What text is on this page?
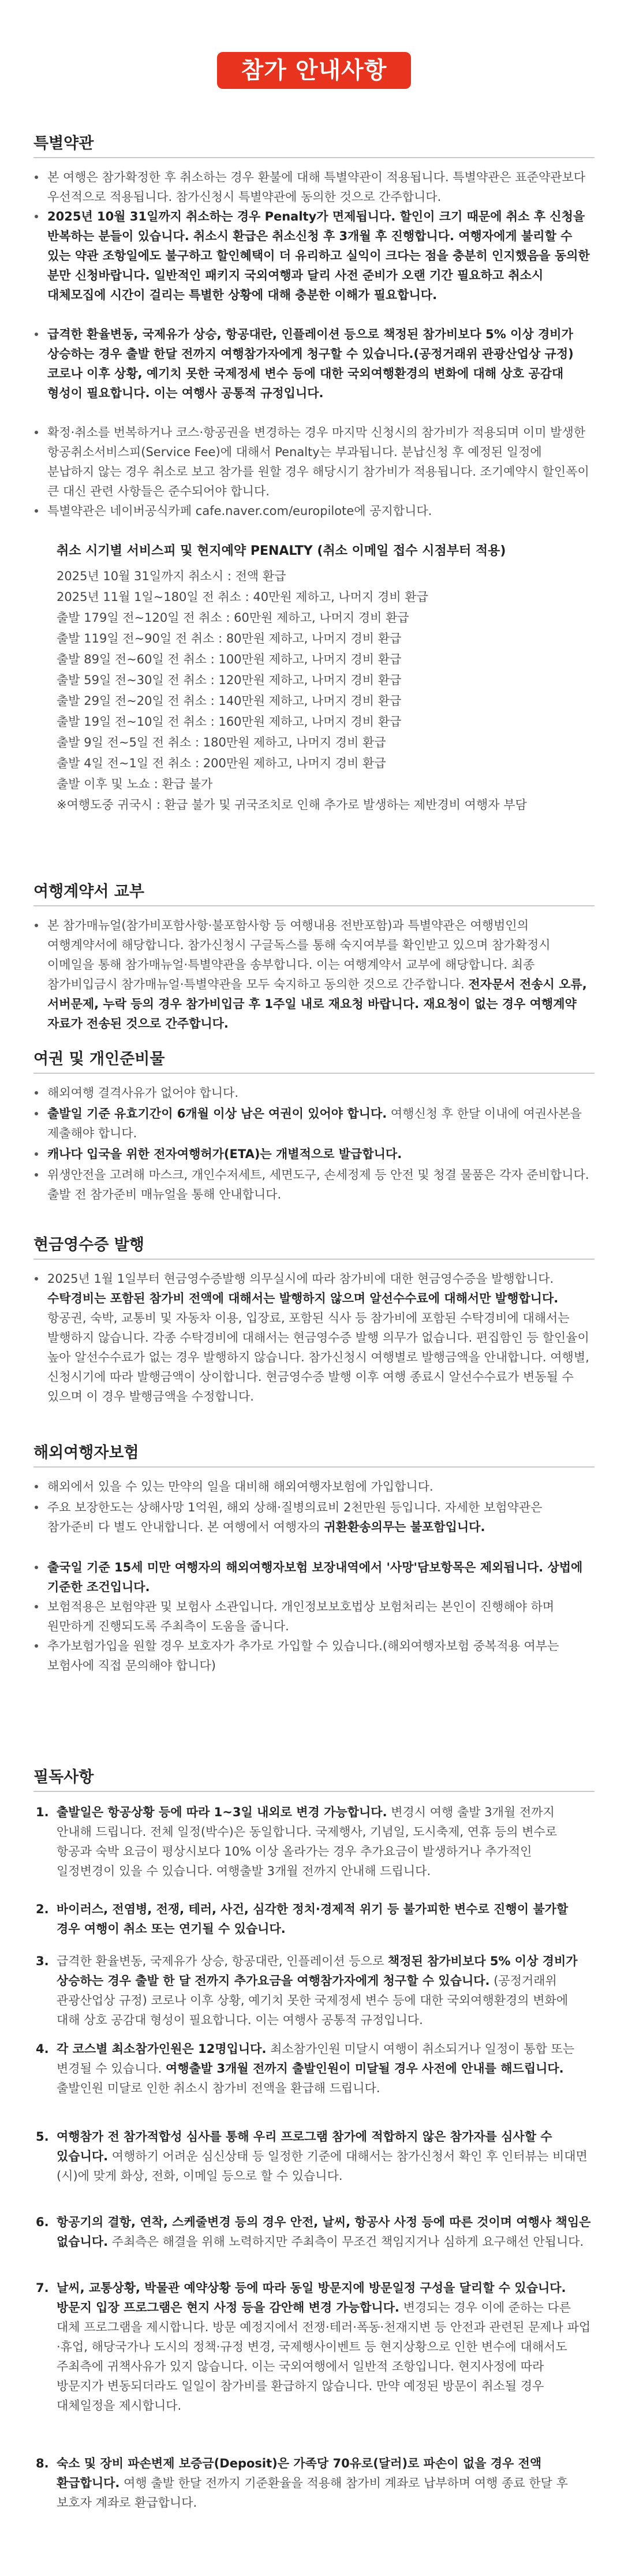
참가 안내사항
특별약관
본 여행은 참가확정한 후 취소하는 경우 환불에 대해 특별약관이 적용됩니다. 특별약관은 표준약관보다 우선적으로 적용됩니다. 참가신청시 특별약관에 동의한 것으로 간주합니다.
2025년 10월 31일까지 취소하는 경우 Penalty가 면제됩니다. 할인이 크기 때문에 취소 후 신청을 반복하는 분들이 있습니다. 취소시 환급은 취소신청 후 3개월 후 진행합니다. 여행자에게 불리할 수 있는 약관 조항일에도 불구하고 할인혜택이 더 유리하고 실익이 크다는 점을 충분히 인지했음을 동의한 분만 신청바랍니다. 일반적인 패키지 국외여행과 달리 사전 준비가 오랜 기간 필요하고 취소시 대체모집에 시간이 걸리는 특별한 상황에 대해 충분한 이해가 필요합니다.
급격한 환율변동, 국제유가 상승, 항공대란, 인플레이션 등으로 책정된 참가비보다 5% 이상 경비가 상승하는 경우 출발 한달 전까지 여행참가자에게 청구할 수 있습니다.(공정거래위 관광산업상 규정) 코로나 이후 상황, 예기치 못한 국제정세 변수 등에 대한 국외여행환경의 변화에 대해 상호 공감대 형성이 필요합니다. 이는 여행사 공통적 규정입니다.
확정·취소를 번복하거나 코스·항공권을 변경하는 경우 마지막 신청시의 참가비가 적용되며 이미 발생한 항공취소서비스피(Service Fee)에 대해서 Penalty는 부과됩니다. 분납신청 후 예정된 일정에 분납하지 않는 경우 취소로 보고 참가를 원할 경우 해당시기 참가비가 적용됩니다. 조기예약시 할인폭이 큰 대신 관련 사항들은 준수되어야 합니다.
특별약관은 네이버공식카페 cafe.naver.com/europilote에 공지합니다.
취소 시기별 서비스피 및 현지예약 PENALTY (취소 이메일 접수 시점부터 적용)
2025년 10월 31일까지 취소시 : 전액 환급
2025년 11월 1일~180일 전 취소 : 40만원 제하고, 나머지 경비 환급
출발 179일 전~120일 전 취소 : 60만원 제하고, 나머지 경비 환급
출발 119일 전~90일 전 취소 : 80만원 제하고, 나머지 경비 환급
출발 89일 전~60일 전 취소 : 100만원 제하고, 나머지 경비 환급
출발 59일 전~30일 전 취소 : 120만원 제하고, 나머지 경비 환급
출발 29일 전~20일 전 취소 : 140만원 제하고, 나머지 경비 환급
출발 19일 전~10일 전 취소 : 160만원 제하고, 나머지 경비 환급
출발 9일 전~5일 전 취소 : 180만원 제하고, 나머지 경비 환급
출발 4일 전~1일 전 취소 : 200만원 제하고, 나머지 경비 환급
출발 이후 및 노쇼 : 환급 불가
※여행도중 귀국시 : 환급 불가 및 귀국조치로 인해 추가로 발생하는 제반경비 여행자 부담
여행계약서 교부
본 참가매뉴얼(참가비포함사항·불포함사항 등 여행내용 전반포함)과 특별약관은 여행범인의 여행계약서에 해당합니다. 참가신청시 구글독스를 통해 숙지여부를 확인받고 있으며 참가확정시 이메일을 통해 참가매뉴얼·특별약관을 송부합니다. 이는 여행계약서 교부에 해당합니다. 최종 참가비입금시 참가매뉴얼·특별약관을 모두 숙지하고 동의한 것으로 간주합니다. 전자문서 전송시 오류, 서버문제, 누락 등의 경우 참가비입금 후 1주일 내로 재요청 바랍니다. 재요청이 없는 경우 여행계약 자료가 전송된 것으로 간주합니다.
여권 및 개인준비물
해외여행 결격사유가 없어야 합니다.
출발일 기준 유효기간이 6개월 이상 남은 여권이 있어야 합니다. 여행신청 후 한달 이내에 여권사본을 제출해야 합니다.
캐나다 입국을 위한 전자여행허가(ETA)는 개별적으로 발급합니다.
위생안전을 고려해 마스크, 개인수저세트, 세면도구, 손세정제 등 안전 및 청결 물품은 각자 준비합니다. 출발 전 참가준비 매뉴얼을 통해 안내합니다.
현금영수증 발행
2025년 1월 1일부터 현금영수증발행 의무실시에 따라 참가비에 대한 현금영수증을 발행합니다. 수탁경비는 포함된 참가비 전액에 대해서는 발행하지 않으며 알선수수료에 대해서만 발행합니다. 항공권, 숙박, 교통비 및 자동차 이용, 입장료, 포함된 식사 등 참가비에 포함된 수탁경비에 대해서는 발행하지 않습니다. 각종 수탁경비에 대해서는 현금영수증 발행 의무가 없습니다. 편집함인 등 할인율이 높아 알선수수료가 없는 경우 발행하지 않습니다. 참가신청시 여행별로 발행금액을 안내합니다. 여행별, 신청시기에 따라 발행금액이 상이합니다. 현금영수증 발행 이후 여행 종료시 알선수수료가 변동될 수 있으며 이 경우 발행금액을 수정합니다.
해외여행자보험
해외에서 있을 수 있는 만약의 일을 대비해 해외여행자보험에 가입합니다.
주요 보장한도는 상해사망 1억원, 해외 상해·질병의료비 2천만원 등입니다. 자세한 보험약관은 참가준비 다 별도 안내합니다. 본 여행에서 여행자의 귀환환송의무는 불포함입니다.
출국일 기준 15세 미만 여행자의 해외여행자보험 보장내역에서 '사망'담보항목은 제외됩니다. 상법에 기준한 조건입니다.
보험적용은 보험약관 및 보험사 소관입니다. 개인정보보호법상 보험처리는 본인이 진행해야 하며 원만하게 진행되도록 주최측이 도움을 줍니다.
추가보험가입을 원할 경우 보호자가 추가로 가입할 수 있습니다.(해외여행자보험 중복적용 여부는 보험사에 직접 문의해야 합니다)
필독사항
1. 출발일은 항공상황 등에 따라 1~3일 내외로 변경 가능합니다. 변경시 여행 출발 3개월 전까지 안내해 드립니다. 전체 일정(박수)은 동일합니다. 국제행사, 기념일, 도시축제, 연휴 등의 변수로 항공과 숙박 요금이 평상시보다 10% 이상 올라가는 경우 추가요금이 발생하거나 추가적인 일정변경이 있을 수 있습니다. 여행출발 3개월 전까지 안내해 드립니다.
2. 바이러스, 전염병, 전쟁, 테러, 사건, 심각한 정치·경제적 위기 등 불가피한 변수로 진행이 불가할 경우 여행이 취소 또는 연기될 수 있습니다.
3. 급격한 환율변동, 국제유가 상승, 항공대란, 인플레이션 등으로 책정된 참가비보다 5% 이상 경비가 상승하는 경우 출발 한 달 전까지 추가요금을 여행참가자에게 청구할 수 있습니다. (공정거래위 관광산업상 규정) 코로나 이후 상황, 예기치 못한 국제정세 변수 등에 대한 국외여행환경의 변화에 대해 상호 공감대 형성이 필요합니다. 이는 여행사 공통적 규정입니다.
4. 각 코스별 최소참가인원은 12명입니다. 최소참가인원 미달시 여행이 취소되거나 일정이 통합 또는 변경될 수 있습니다. 여행출발 3개월 전까지 출발인원이 미달될 경우 사전에 안내를 해드립니다. 출발인원 미달로 인한 취소시 참가비 전액을 환급해 드립니다.
5. 여행참가 전 참가적합성 심사를 통해 우리 프로그램 참가에 적합하지 않은 참가자를 심사할 수 있습니다. 여행하기 어려운 심신상태 등 일정한 기준에 대해서는 참가신청서 확인 후 인터뷰는 비대면(시)에 맞게 화상, 전화, 이메일 등으로 할 수 있습니다.
6. 항공기의 결항, 연착, 스케줄변경 등의 경우 안전, 날씨, 항공사 사정 등에 따른 것이며 여행사 책임은 없습니다. 주최측은 해결을 위해 노력하지만 주최측이 무조건 책임지거나 심하게 요구해선 안됩니다.
7. 날씨, 교통상황, 박물관 예약상황 등에 따라 동일 방문지에 방문일정 구성을 달리할 수 있습니다. 방문지 입장 프로그램은 현지 사정 등을 감안해 변경 가능합니다. 변경되는 경우 이에 준하는 다른 대체 프로그램을 제시합니다. 방문 예정지에서 전쟁·테러·폭동·천재지변 등 안전과 관련된 문제나 파업·휴업, 해당국가나 도시의 정책·규정 변경, 국제행사이벤트 등 현지상황으로 인한 변수에 대해서도 주최측에 귀책사유가 있지 않습니다. 이는 국외여행에서 일반적 조항입니다. 현지사정에 따라 방문지가 변동되더라도 일일이 참가비를 환급하지 않습니다. 만약 예정된 방문이 취소될 경우 대체일정을 제시합니다.
8. 숙소 및 장비 파손변제 보증금(Deposit)은 가족당 70유로(달러)로 파손이 없을 경우 전액 환급합니다. 여행 출발 한달 전까지 기준환율을 적용해 참가비 계좌로 납부하며 여행 종료 한달 후 보호자 계좌로 환급합니다.
